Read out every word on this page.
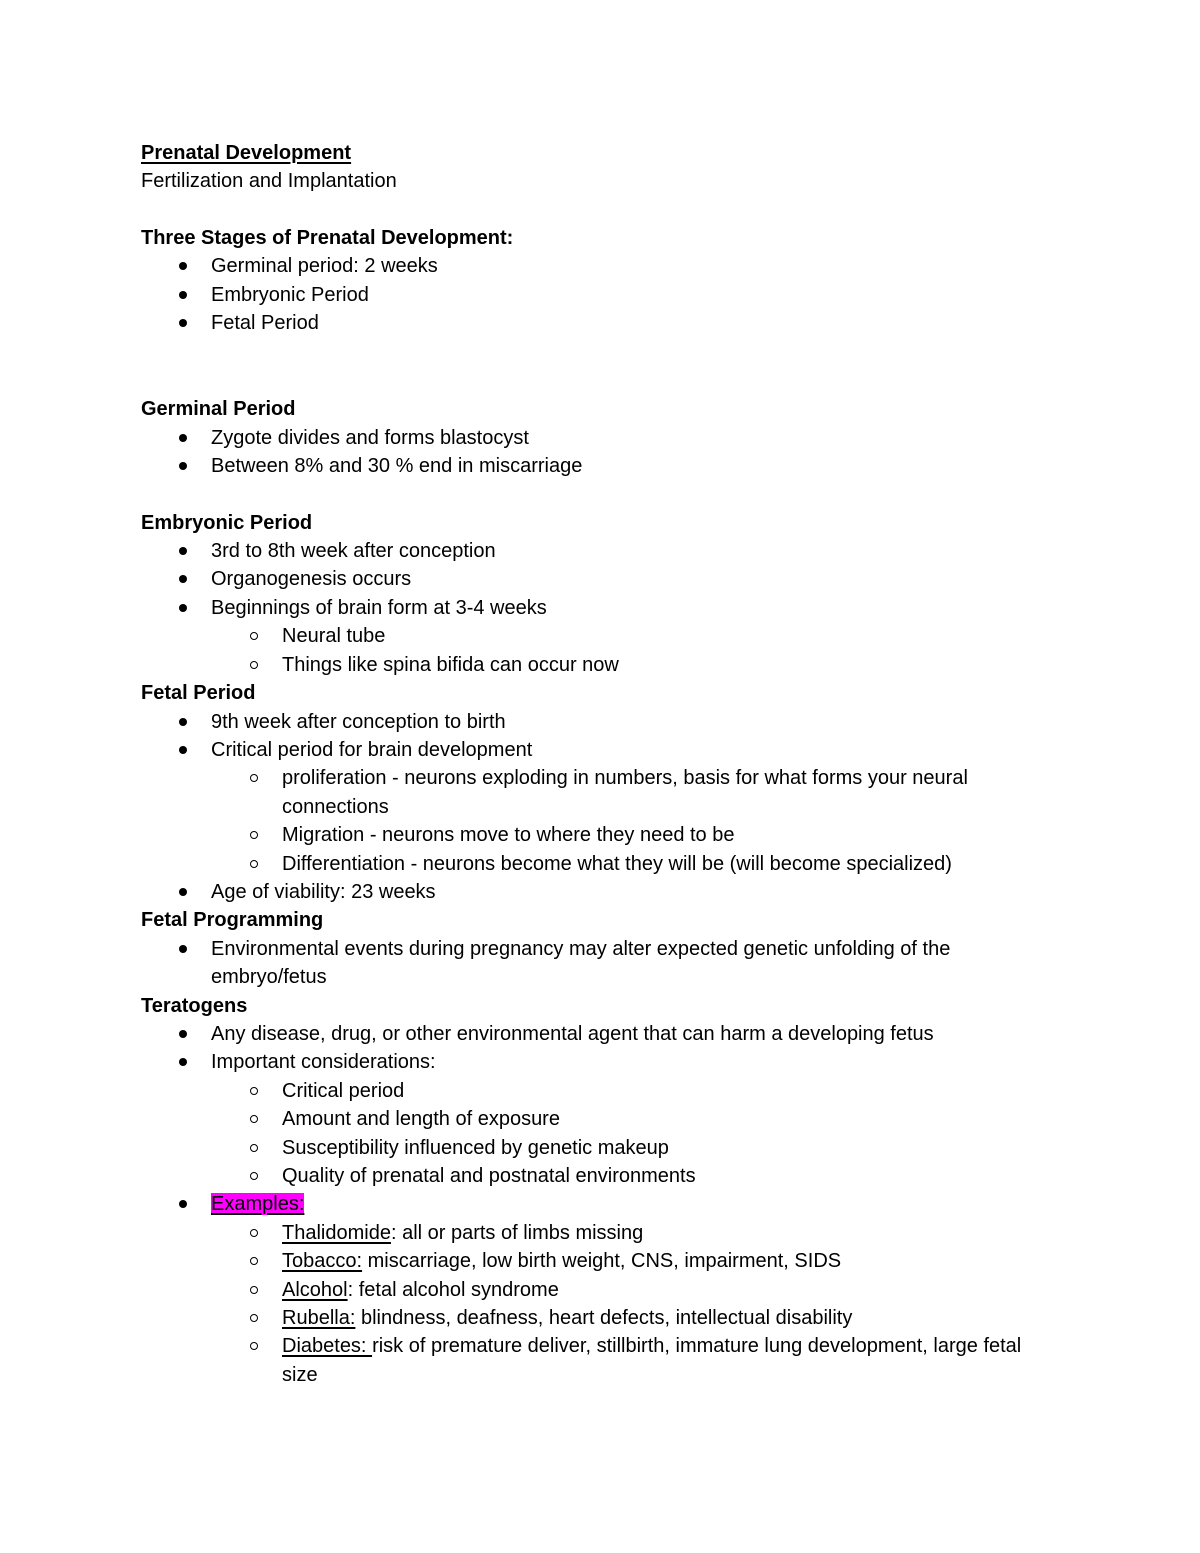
Prenatal Development
Fertilization and Implantation
Three Stages of Prenatal Development:
Germinal period: 2 weeks
Embryonic Period
Fetal Period
Germinal Period
Zygote divides and forms blastocyst
Between 8% and 30 % end in miscarriage
Embryonic Period
3rd to 8th week after conception
Organogenesis occurs
Beginnings of brain form at 3-4 weeks
Neural tube
Things like spina bifida can occur now
Fetal Period
9th week after conception to birth
Critical period for brain development
proliferation - neurons exploding in numbers, basis for what forms your neural connections
Migration - neurons move to where they need to be
Differentiation - neurons become what they will be (will become specialized)
Age of viability: 23 weeks
Fetal Programming
Environmental events during pregnancy may alter expected genetic unfolding of the embryo/fetus
Teratogens
Any disease, drug, or other environmental agent that can harm a developing fetus
Important considerations:
Critical period
Amount and length of exposure
Susceptibility influenced by genetic makeup
Quality of prenatal and postnatal environments
Examples:
Thalidomide: all or parts of limbs missing
Tobacco: miscarriage, low birth weight, CNS, impairment, SIDS
Alcohol: fetal alcohol syndrome
Rubella: blindness, deafness, heart defects, intellectual disability
Diabetes: risk of premature deliver, stillbirth, immature lung development, large fetal size
